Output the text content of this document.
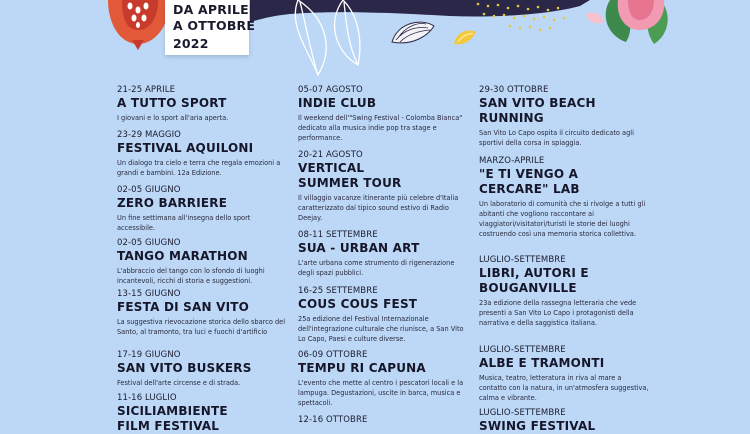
DA APRILE
A OTTOBRE
2022
21-25 APRILE
A TUTTO SPORT
I giovani e lo sport all'aria aperta.
23-29 MAGGIO
FESTIVAL AQUILONI
Un dialogo tra cielo e terra che regala emozioni a grandi e bambini. 12a Edizione.
02-05 GIUGNO
ZERO BARRIERE
Un fine settimana all'insegna dello sport accessibile.
02-05 GIUGNO
TANGO MARATHON
L'abbraccio del tango con lo sfondo di luoghi incantevoli, ricchi di storia e suggestioni.
13-15 GIUGNO
FESTA DI SAN VITO
La suggestiva rievocazione storica dello sbarco del Santo, al tramonto, tra luci e fuochi d'artificio
17-19 GIUGNO
SAN VITO BUSKERS
Festival dell'arte circense e di strada.
11-16 LUGLIO
SICILIAMBIENTE
FILM FESTIVAL
05-07 AGOSTO
INDIE CLUB
Il weekend dell'"Swing Festival - Colomba Bianca" dedicato alla musica indie pop tra stage e performance.
20-21 AGOSTO
VERTICAL
SUMMER TOUR
Il villaggio vacanze itinerante più celebre d'Italia caratterizzato dal tipico sound estivo di Radio Deejay.
08-11 SETTEMBRE
SUA - URBAN ART
L'arte urbana come strumento di rigenerazione degli spazi pubblici.
16-25 SETTEMBRE
COUS COUS FEST
25a edizione del Festival Internazionale dell'integrazione culturale che riunisce, a San Vito Lo Capo, Paesi e culture diverse.
06-09 OTTOBRE
TEMPU RI CAPUNA
L'evento che mette al centro i pescatori locali e la lampuga. Degustazioni, uscite in barca, musica e spettacoli.
12-16 OTTOBRE
29-30 OTTOBRE
SAN VITO BEACH
RUNNING
San Vito Lo Capo ospita il circuito dedicato agli sportivi della corsa in spiaggia.
MARZO-APRILE
"E TI VENGO A
CERCARE" LAB
Un laboratorio di comunità che si rivolge a tutti gli abitanti che vogliono raccontare ai viaggiatori/visitatori/turisti le storie dei luoghi costruendo così una memoria storica collettiva.
LUGLIO-SETTEMBRE
LIBRI, AUTORI E
BOUGANVILLE
23a edizione della rassegna letteraria che vede presenti a San Vito Lo Capo i protagonisti della narrativa e della saggistica italiana.
LUGLIO-SETTEMBRE
ALBE E TRAMONTI
Musica, teatro, letteratura in riva al mare a contatto con la natura, in un'atmosfera suggestiva, calma e vibrante.
LUGLIO-SETTEMBRE
SWING FESTIVAL
